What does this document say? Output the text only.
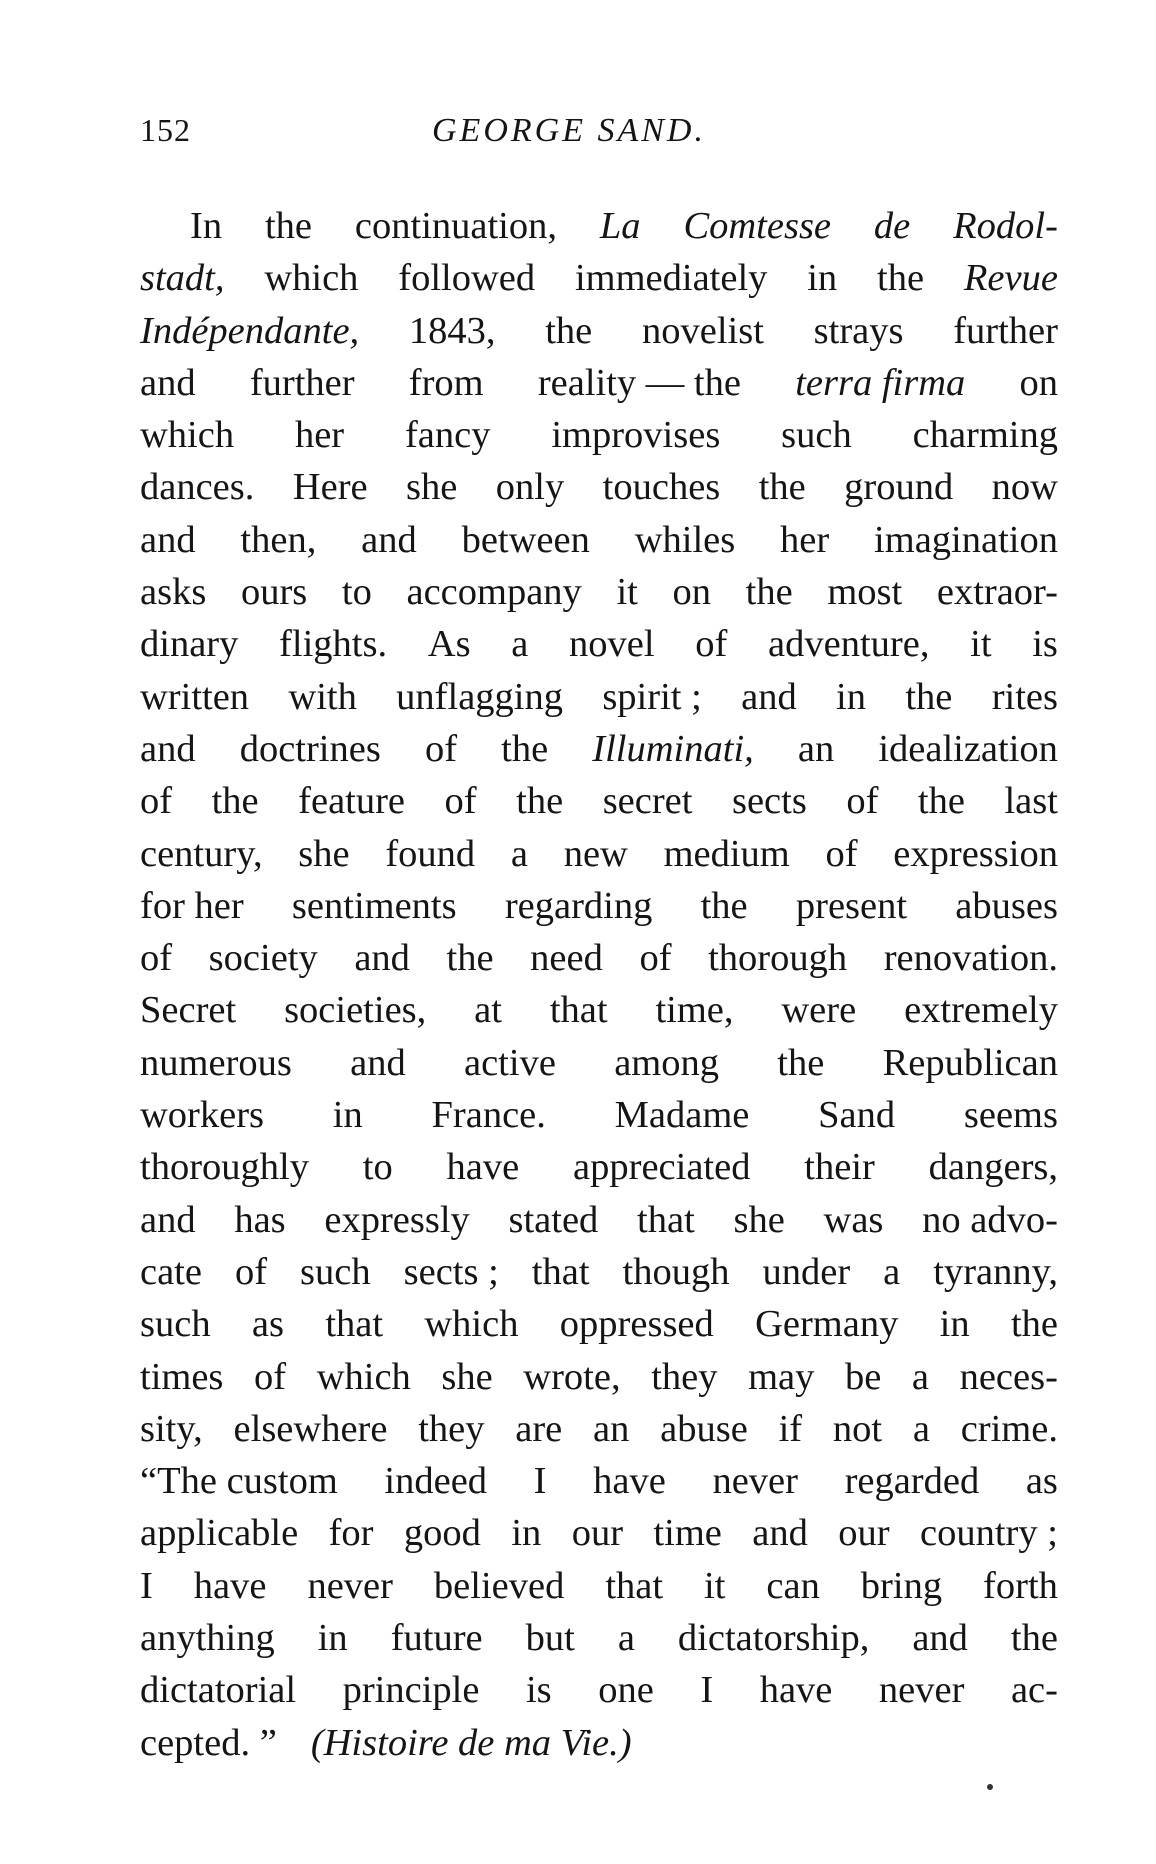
152	GEORGE SAND.
In the continuation, La Comtesse de Rodol-
stadt, which followed immediately in the Revue
Indépendante, 1843, the novelist strays further
and further from reality — the terra firma on
which her fancy improvises such charming
dances. Here she only touches the ground now
and then, and between whiles her imagination
asks ours to accompany it on the most extraor-
dinary flights. As a novel of adventure, it is
written with unflagging spirit ; and in the rites
and doctrines of the Illuminati, an idealization
of the feature of the secret sects of the last
century, she found a new medium of expression
for her sentiments regarding the present abuses
of society and the need of thorough renovation.
Secret societies, at that time, were extremely
numerous and active among the Republican
workers in France. Madame Sand seems
thoroughly to have appreciated their dangers,
and has expressly stated that she was no advo-
cate of such sects ; that though under a tyranny,
such as that which oppressed Germany in the
times of which she wrote, they may be a neces-
sity, elsewhere they are an abuse if not a crime.
“The custom indeed I have never regarded as
applicable for good in our time and our country ;
I have never believed that it can bring forth
anything in future but a dictatorship, and the
dictatorial principle is one I have never ac-
cepted. ” (Histoire de ma Vie.)
